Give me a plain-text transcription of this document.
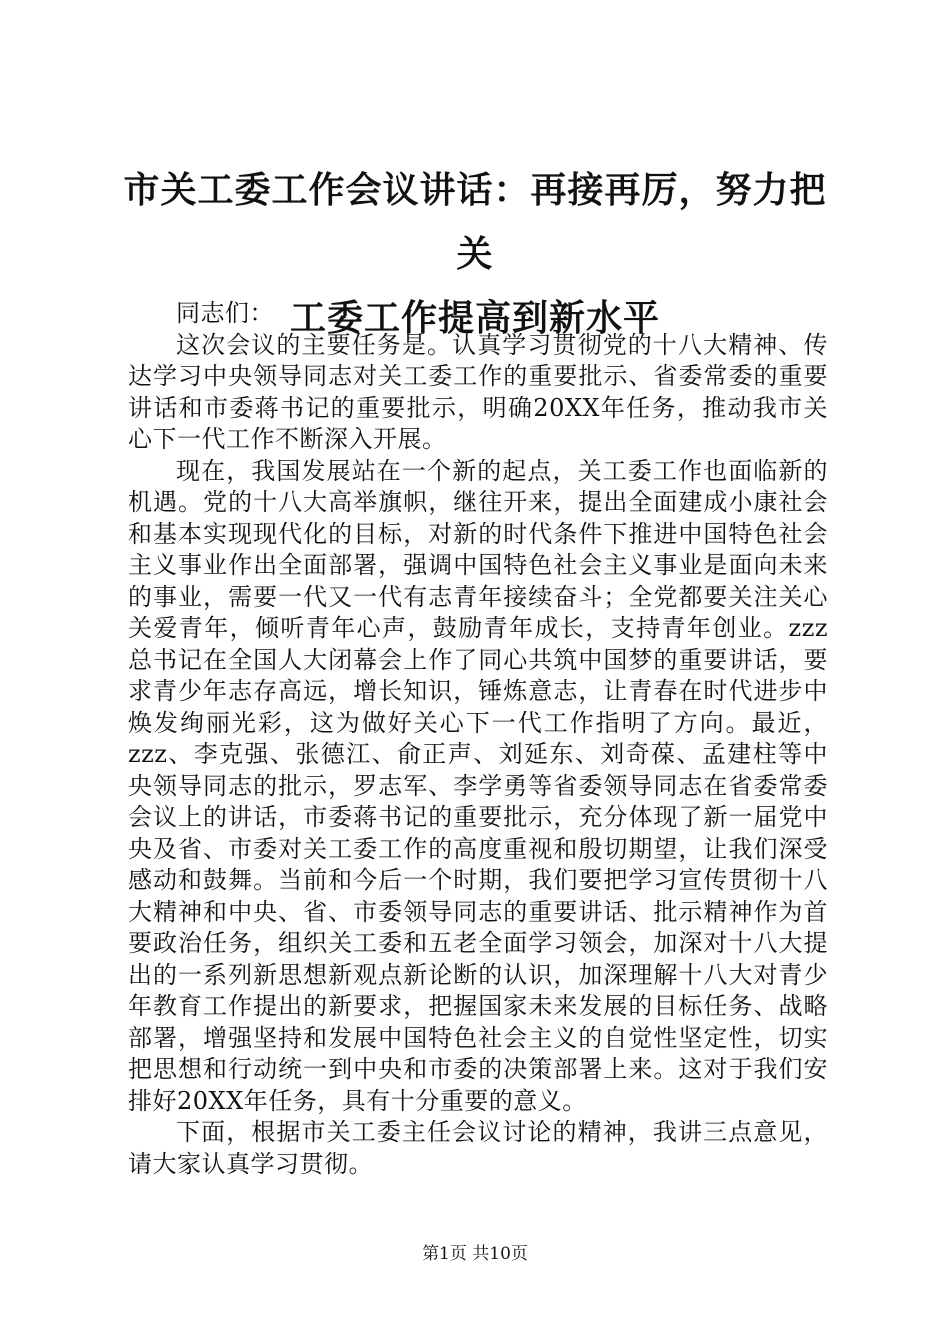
市关工委工作会议讲话：再接再厉，努力把关
工委工作提高到新水平

同志们：

这次会议的主要任务是。认真学习贯彻党的十八大精神、传达学习中央领导同志对关工委工作的重要批示、省委常委的重要讲话和市委蒋书记的重要批示，明确20XX年任务，推动我市关心下一代工作不断深入开展。

现在，我国发展站在一个新的起点，关工委工作也面临新的机遇。党的十八大高举旗帜，继往开来，提出全面建成小康社会和基本实现现代化的目标，对新的时代条件下推进中国特色社会主义事业作出全面部署，强调中国特色社会主义事业是面向未来的事业，需要一代又一代有志青年接续奋斗；全党都要关注关心关爱青年，倾听青年心声，鼓励青年成长，支持青年创业。zzz总书记在全国人大闭幕会上作了同心共筑中国梦的重要讲话，要求青少年志存高远，增长知识，锤炼意志，让青春在时代进步中焕发绚丽光彩，这为做好关心下一代工作指明了方向。最近，zzz、李克强、张德江、俞正声、刘延东、刘奇葆、孟建柱等中央领导同志的批示，罗志军、李学勇等省委领导同志在省委常委会议上的讲话，市委蒋书记的重要批示，充分体现了新一届党中央及省、市委对关工委工作的高度重视和殷切期望，让我们深受感动和鼓舞。当前和今后一个时期，我们要把学习宣传贯彻十八大精神和中央、省、市委领导同志的重要讲话、批示精神作为首要政治任务，组织关工委和五老全面学习领会，加深对十八大提出的一系列新思想新观点新论断的认识，加深理解十八大对青少年教育工作提出的新要求，把握国家未来发展的目标任务、战略部署，增强坚持和发展中国特色社会主义的自觉性坚定性，切实把思想和行动统一到中央和市委的决策部署上来。这对于我们安排好20XX年任务，具有十分重要的意义。

下面，根据市关工委主任会议讨论的精神，我讲三点意见，请大家认真学习贯彻。

第1页 共10页
